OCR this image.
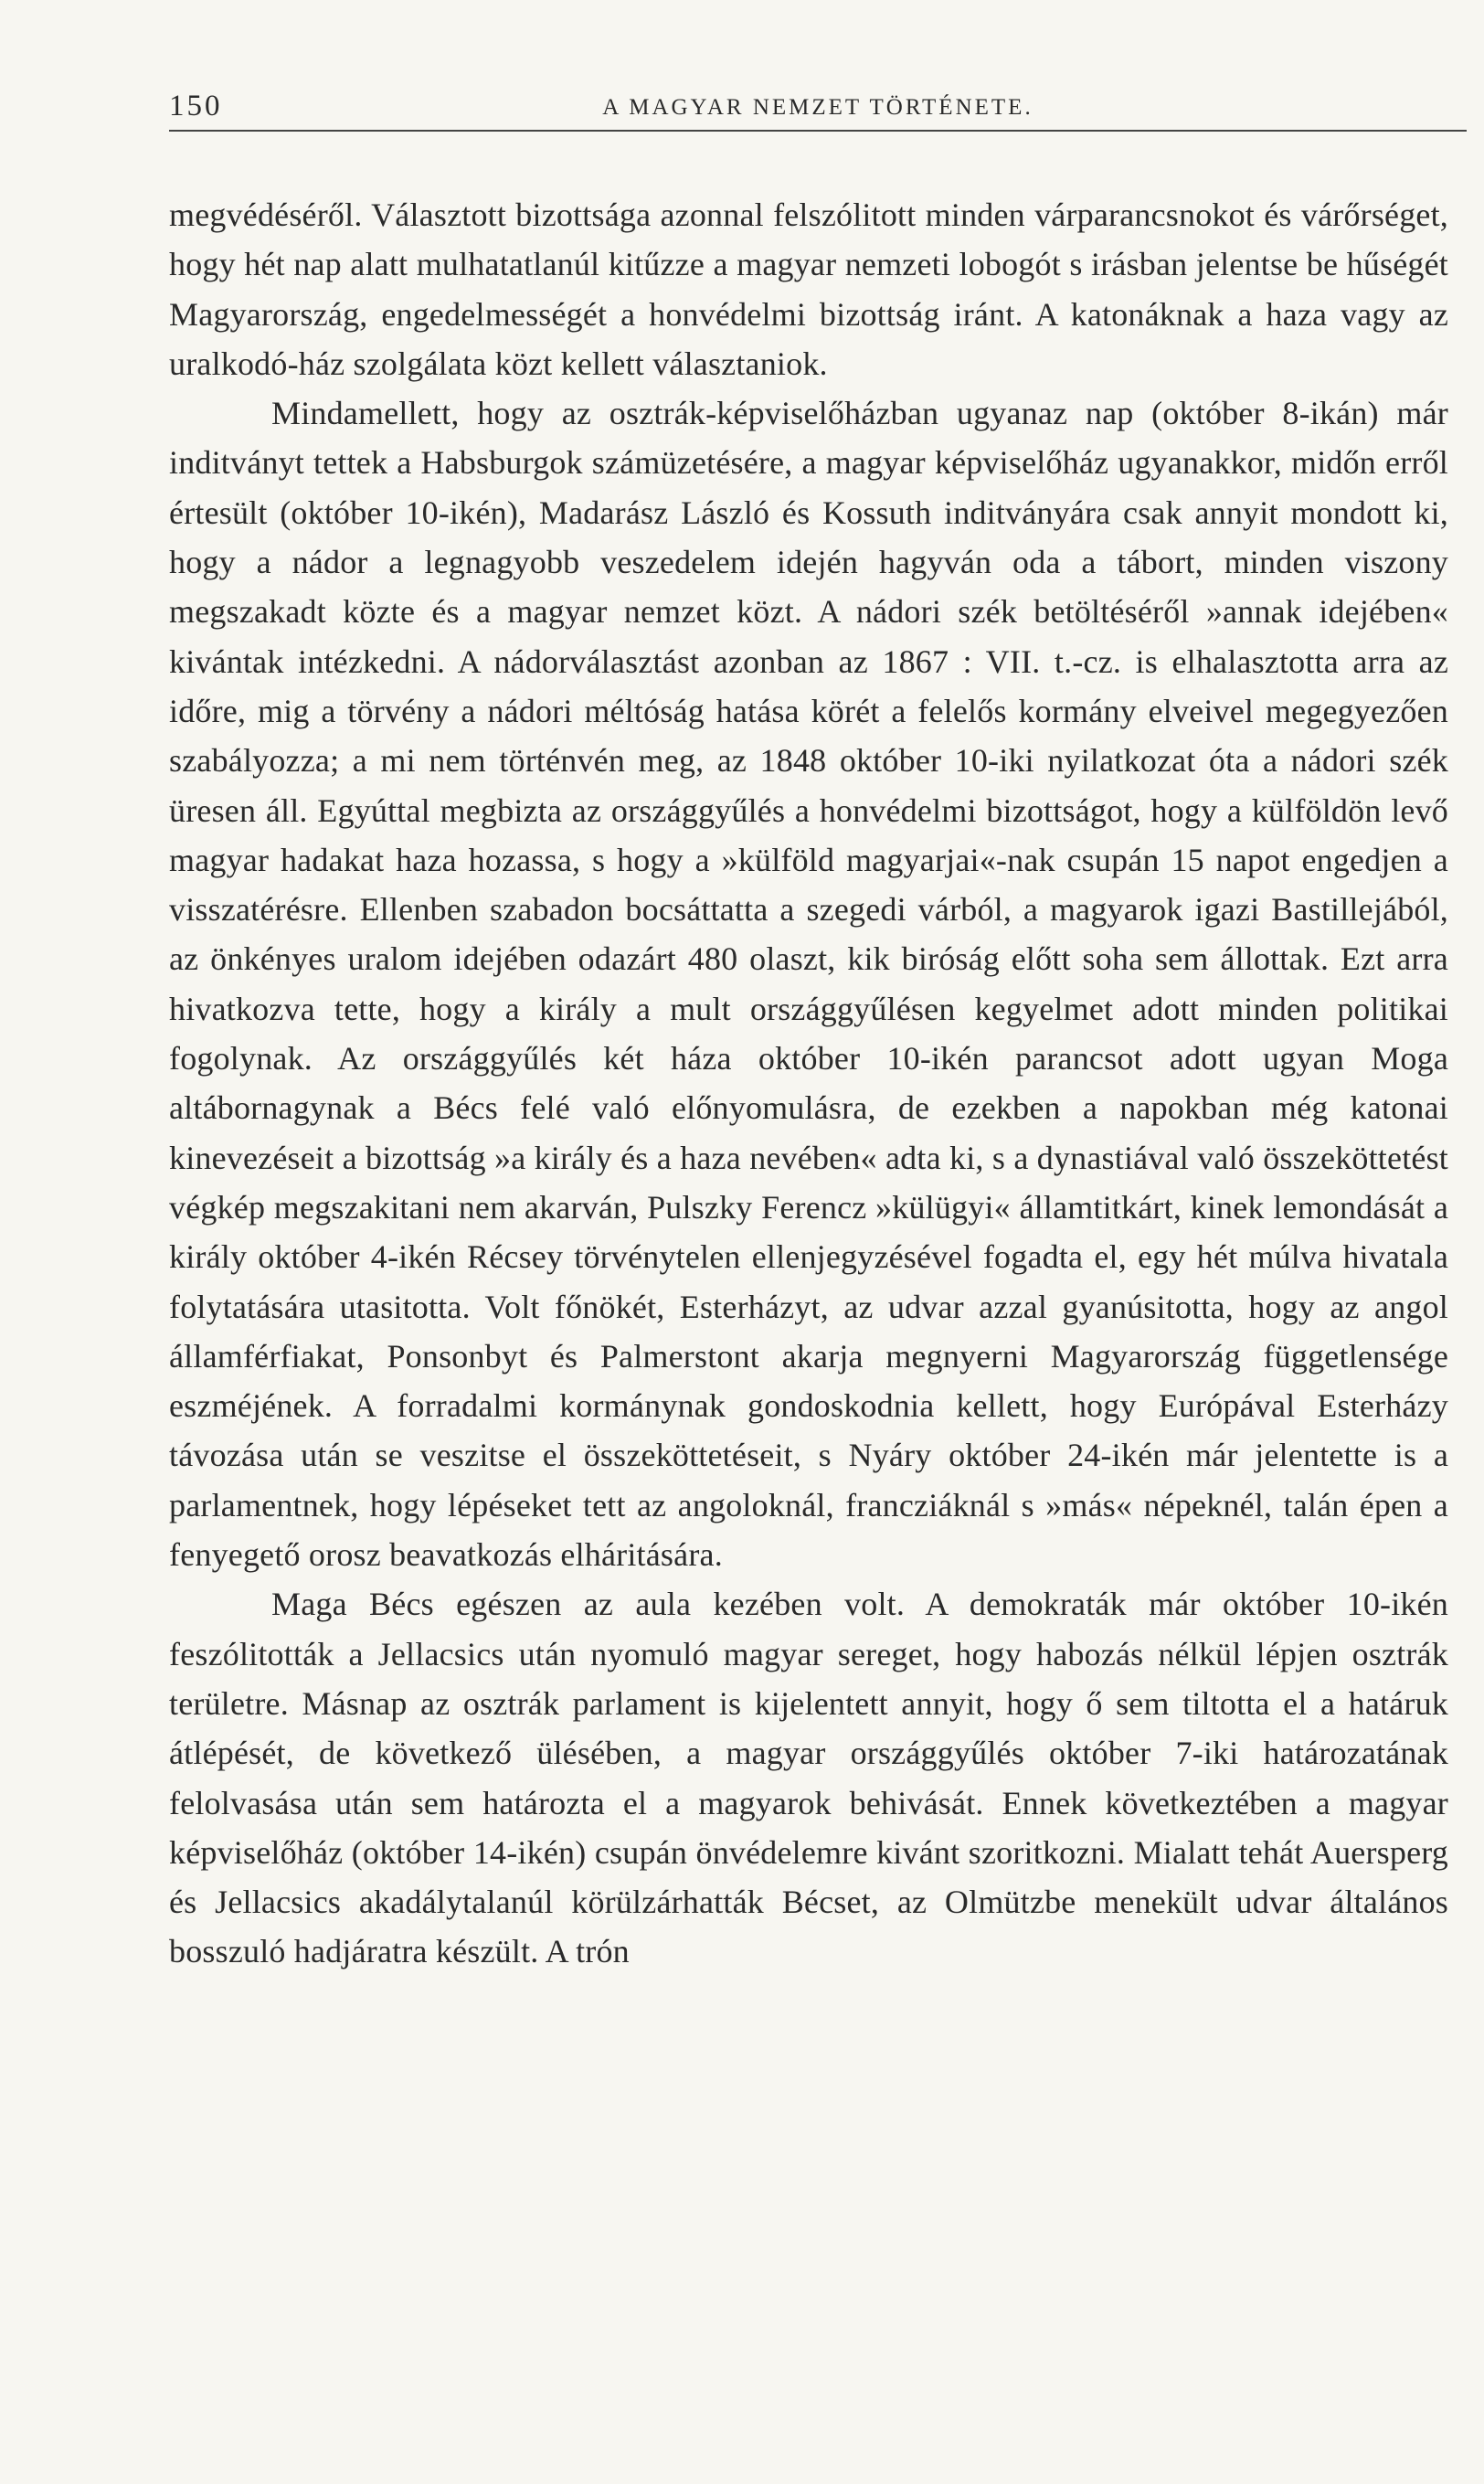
150	A MAGYAR NEMZET TÖRTÉNETE.

megvédéséről. Választott bizottsága azonnal felszólitott minden várparancsnokot és várőrséget, hogy hét nap alatt mulhatatlanúl kitűzze a magyar nemzeti lobogót s irásban jelentse be hűségét Magyarország, engedelmességét a honvédelmi bizottság iránt. A katonáknak a haza vagy az uralkodó-ház szolgálata közt kellett választaniok.

Mindamellett, hogy az osztrák-képviselőházban ugyanaz nap (október 8-ikán) már inditványt tettek a Habsburgok számüzetésére, a magyar képviselőház ugyanakkor, midőn erről értesült (október 10-ikén), Madarász László és Kossuth inditványára csak annyit mondott ki, hogy a nádor a legnagyobb veszedelem idején hagyván oda a tábort, minden viszony megszakadt közte és a magyar nemzet közt. A nádori szék betöltéséről »annak idejében« kivántak intézkedni. A nádorválasztást azonban az 1867 : VII. t.-cz. is elhalasztotta arra az időre, mig a törvény a nádori méltóság hatása körét a felelős kormány elveivel megegyezően szabályozza; a mi nem történvén meg, az 1848 október 10-iki nyilatkozat óta a nádori szék üresen áll. Egyúttal megbizta az országgyűlés a honvédelmi bizottságot, hogy a külföldön levő magyar hadakat haza hozassa, s hogy a »külföld magyarjai«-nak csupán 15 napot engedjen a visszatérésre. Ellenben szabadon bocsáttatta a szegedi várból, a magyarok igazi Bastillejából, az önkényes uralom idejében odazárt 480 olaszt, kik biróság előtt soha sem állottak. Ezt arra hivatkozva tette, hogy a király a mult országgyűlésen kegyelmet adott minden politikai fogolynak. Az országgyűlés két háza október 10-ikén parancsot adott ugyan Moga altábornagynak a Bécs felé való előnyomulásra, de ezekben a napokban még katonai kinevezéseit a bizottság »a király és a haza nevében« adta ki, s a dynastiával való összeköttetést végkép megszakitani nem akarván, Pulszky Ferencz »külügyi« államtitkárt, kinek lemondását a király október 4-ikén Récsey törvénytelen ellenjegyzésével fogadta el, egy hét múlva hivatala folytatására utasitotta. Volt főnökét, Esterházyt, az udvar azzal gyanúsitotta, hogy az angol államférfiakat, Ponsonbyt és Palmerstont akarja megnyerni Magyarország függetlensége eszméjének. A forradalmi kormánynak gondoskodnia kellett, hogy Európával Esterházy távozása után se veszitse el összeköttetéseit, s Nyáry október 24-ikén már jelentette is a parlamentnek, hogy lépéseket tett az angoloknál, francziáknál s »más« népeknél, talán épen a fenyegető orosz beavatkozás elháritására.

Maga Bécs egészen az aula kezében volt. A demokraták már október 10-ikén feszólitották a Jellacsics után nyomuló magyar sereget, hogy habozás nélkül lépjen osztrák területre. Másnap az osztrák parlament is kijelentett annyit, hogy ő sem tiltotta el a határuk átlépését, de következő ülésében, a magyar országgyűlés október 7-iki határozatának felolvasása után sem határozta el a magyarok behivását. Ennek következtében a magyar képviselőház (október 14-ikén) csupán önvédelemre kivánt szoritkozni. Mialatt tehát Auersperg és Jellacsics akadálytalanúl körülzárhatták Bécset, az Olmützbe menekült udvar általános bosszuló hadjáratra készült. A trón
